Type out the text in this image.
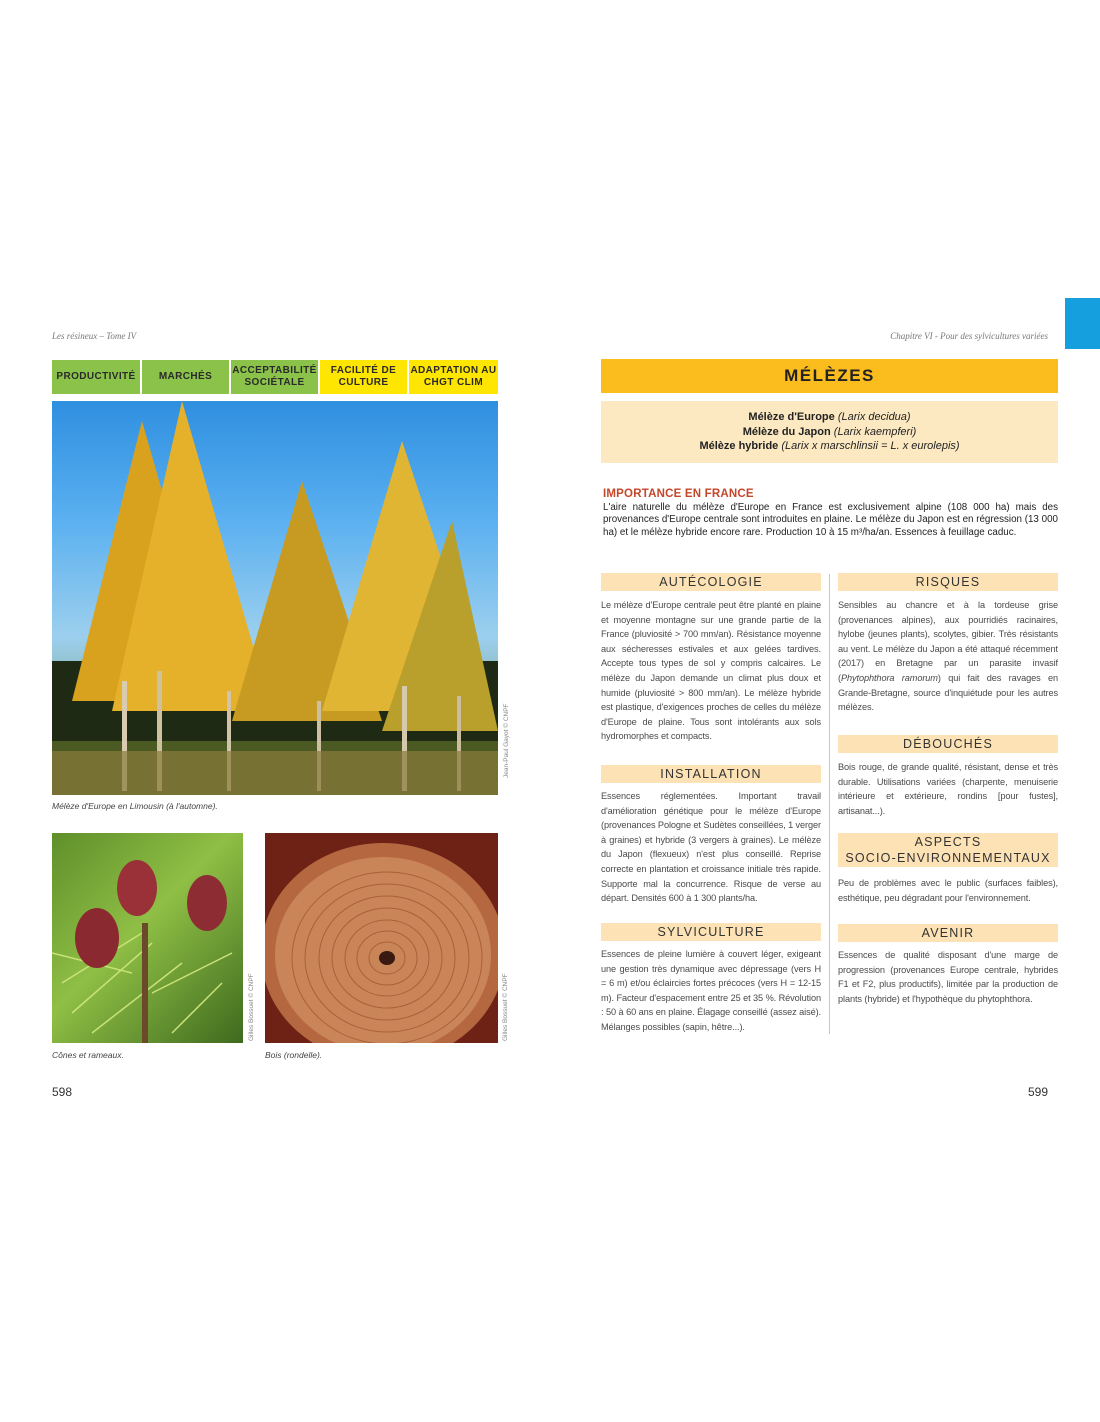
Les résineux – Tome IV
PRODUCTIVITÉ	MARCHÉS
ACCEPTABILITÉ SOCIÉTALE
FACILITÉ DE CULTURE
ADAPTATION AU CHGT CLIM
Jean-Paul Gayot © CNPF
Mélèze d'Europe en Limousin (à l'automne).
Gilles Bossuet © CNPF
Cônes et rameaux.
Gilles Bossuet © CNPF
Bois (rondelle).
598
Chapitre VI - Pour des sylvicultures variées
MÉLÈZES
Mélèze d'Europe (Larix decidua)
Mélèze du Japon (Larix kaempferi)
Mélèze hybride (Larix x marschlinsii = L. x eurolepis)
IMPORTANCE EN FRANCE
L'aire naturelle du mélèze d'Europe en France est exclusivement alpine (108 000 ha) mais des provenances d'Europe centrale sont introduites en plaine. Le mélèze du Japon est en régression (13 000 ha) et le mélèze hybride encore rare. Production 10 à 15 m³/ha/an. Essences à feuillage caduc.
AUTÉCOLOGIE
Le mélèze d'Europe centrale peut être planté en plaine et moyenne montagne sur une grande partie de la France (pluviosité > 700 mm/an). Résistance moyenne aux sécheresses estivales et aux gelées tardives. Accepte tous types de sol y compris calcaires. Le mélèze du Japon demande un climat plus doux et humide (pluviosité > 800 mm/an). Le mélèze hybride est plastique, d'exigences proches de celles du mélèze d'Europe de plaine. Tous sont intolérants aux sols hydromorphes et compacts.
INSTALLATION
Essences réglementées. Important travail d'amélioration génétique pour le mélèze d'Europe (provenances Pologne et Sudètes conseillées, 1 verger à graines) et hybride (3 vergers à graines). Le mélèze du Japon (flexueux) n'est plus conseillé. Reprise correcte en plantation et croissance initiale très rapide. Supporte mal la concurrence. Risque de verse au départ. Densités 600 à 1 300 plants/ha.
SYLVICULTURE
Essences de pleine lumière à couvert léger, exigeant une gestion très dynamique avec dépressage (vers H = 6 m) et/ou éclaircies fortes précoces (vers H = 12-15 m). Facteur d'espacement entre 25 et 35 %. Révolution : 50 à 60 ans en plaine. Élagage conseillé (assez aisé). Mélanges possibles (sapin, hêtre...).
RISQUES
Sensibles au chancre et à la tordeuse grise (provenances alpines), aux pourridiés racinaires, hylobe (jeunes plants), scolytes, gibier. Très résistants au vent. Le mélèze du Japon a été attaqué récemment (2017) en Bretagne par un parasite invasif (Phytophthora ramorum) qui fait des ravages en Grande-Bretagne, source d'inquiétude pour les autres mélèzes.
DÉBOUCHÉS
Bois rouge, de grande qualité, résistant, dense et très durable. Utilisations variées (charpente, menuiserie intérieure et extérieure, rondins [pour fustes], artisanat...).
ASPECTS
SOCIO-ENVIRONNEMENTAUX
Peu de problèmes avec le public (surfaces faibles), esthétique, peu dégradant pour l'environnement.
AVENIR
Essences de qualité disposant d'une marge de progression (provenances Europe centrale, hybrides F1 et F2, plus productifs), limitée par la production de plants (hybride) et l'hypothèque du phytophthora.
599
